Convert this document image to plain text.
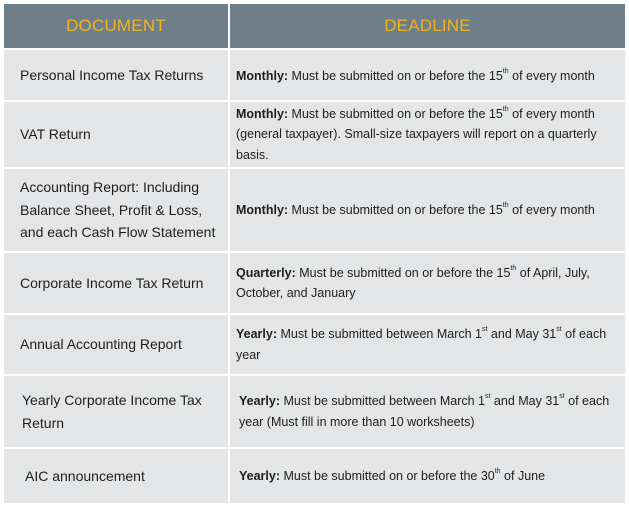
DOCUMENT	DEADLINE
Personal Income Tax Returns	Monthly: Must be submitted on or before the 15th of every month
VAT Return	Monthly: Must be submitted on or before the 15th of every month (general taxpayer). Small-size taxpayers will report on a quarterly basis.
Accounting Report: Including Balance Sheet, Profit & Loss, and each Cash Flow Statement	Monthly: Must be submitted on or before the 15th of every month
Corporate Income Tax Return	Quarterly: Must be submitted on or before the 15th of April, July, October, and January
Annual Accounting Report	Yearly: Must be submitted between March 1st and May 31st of each year
Yearly Corporate Income Tax Return	Yearly: Must be submitted between March 1st and May 31st of each year (Must fill in more than 10 worksheets)
AIC announcement	Yearly: Must be submitted on or before the 30th of June
